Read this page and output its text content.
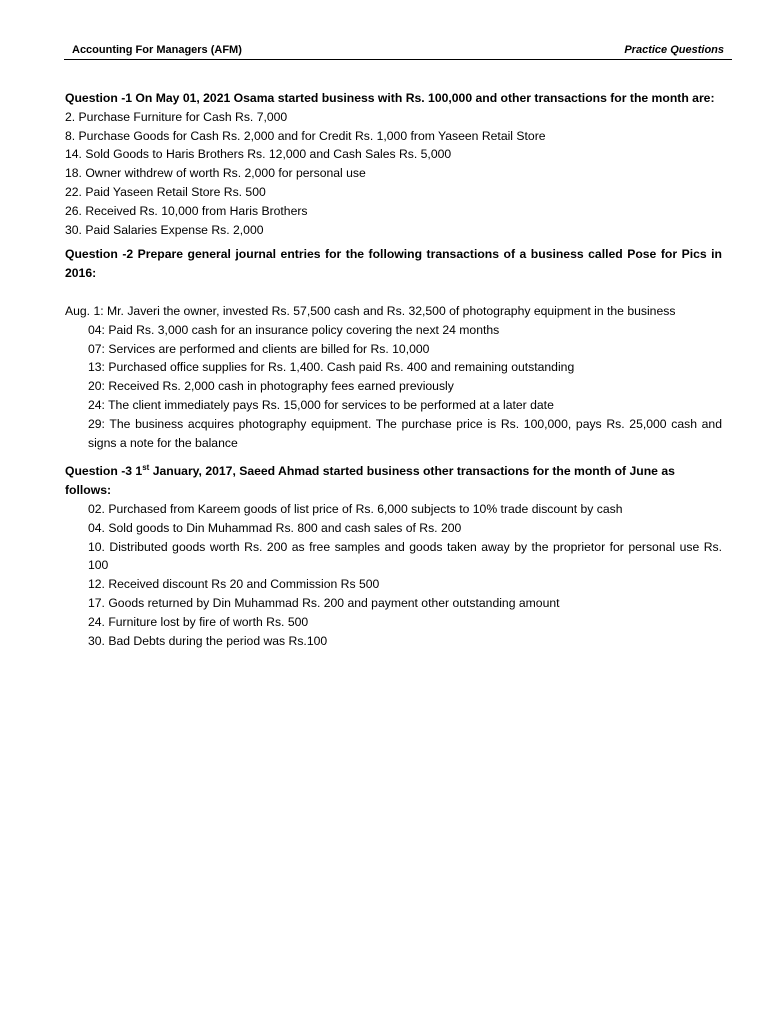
Accounting For Managers (AFM)	Practice Questions
Question -1 On May 01, 2021 Osama started business with Rs. 100,000 and other transactions for the month are:
2. Purchase Furniture for Cash Rs. 7,000
8. Purchase Goods for Cash Rs. 2,000 and for Credit Rs. 1,000 from Yaseen Retail Store
14. Sold Goods to Haris Brothers Rs. 12,000 and Cash Sales Rs. 5,000
18. Owner withdrew of worth Rs. 2,000 for personal use
22. Paid Yaseen Retail Store Rs. 500
26. Received Rs. 10,000 from Haris Brothers
30. Paid Salaries Expense Rs. 2,000
Question -2 Prepare general journal entries for the following transactions of a business called Pose for Pics in 2016:
Aug. 1: Mr. Javeri the owner, invested Rs. 57,500 cash and Rs. 32,500 of photography equipment in the business
04: Paid Rs. 3,000 cash for an insurance policy covering the next 24 months
07: Services are performed and clients are billed for Rs. 10,000
13: Purchased office supplies for Rs. 1,400. Cash paid Rs. 400 and remaining outstanding
20: Received Rs. 2,000 cash in photography fees earned previously
24: The client immediately pays Rs. 15,000 for services to be performed at a later date
29: The business acquires photography equipment. The purchase price is Rs. 100,000, pays Rs. 25,000 cash and signs a note for the balance
Question -3 1st January, 2017, Saeed Ahmad started business other transactions for the month of June as follows:
02. Purchased from Kareem goods of list price of Rs. 6,000 subjects to 10% trade discount by cash
04. Sold goods to Din Muhammad Rs. 800 and cash sales of Rs. 200
10. Distributed goods worth Rs. 200 as free samples and goods taken away by the proprietor for personal use Rs. 100
12. Received discount Rs 20 and Commission Rs 500
17. Goods returned by Din Muhammad Rs. 200 and payment other outstanding amount
24. Furniture lost by fire of worth Rs. 500
30. Bad Debts during the period was Rs.100
